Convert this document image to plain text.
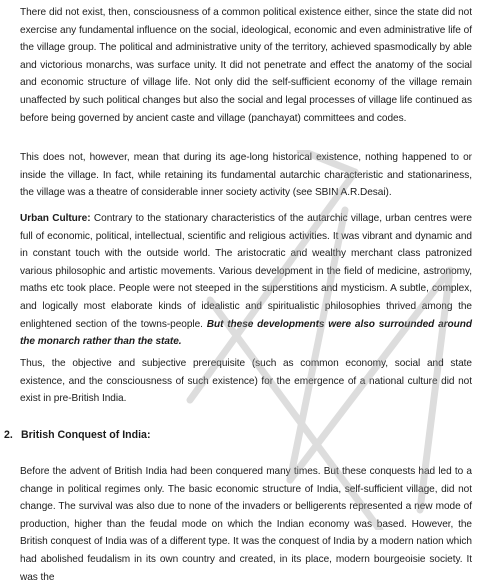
There did not exist, then, consciousness of a common political existence either, since the state did not exercise any fundamental influence on the social, ideological, economic and even administrative life of the village group. The political and administrative unity of the territory, achieved spasmodically by able and victorious monarchs, was surface unity. It did not penetrate and effect the anatomy of the social and economic structure of village life. Not only did the self-sufficient economy of the village remain unaffected by such political changes but also the social and legal processes of village life continued as before being governed by ancient caste and village (panchayat) committees and codes.

This does not, however, mean that during its age-long historical existence, nothing happened to or inside the village. In fact, while retaining its fundamental autarchic characteristic and stationariness, the village was a theatre of considerable inner society activity (see SBIN A.R.Desai).

Urban Culture: Contrary to the stationary characteristics of the autarchic village, urban centres were full of economic, political, intellectual, scientific and religious activities. It was vibrant and dynamic and in constant touch with the outside world. The aristocratic and wealthy merchant class patronized various philosophic and artistic movements. Various development in the field of medicine, astronomy, maths etc took place. People were not steeped in the superstitions and mysticism. A subtle, complex, and logically most elaborate kinds of idealistic and spiritualistic philosophies thrived among the enlightened section of the towns-people. But these developments were also surrounded around the monarch rather than the state.

Thus, the objective and subjective prerequisite (such as common economy, social and state existence, and the consciousness of such existence) for the emergence of a national culture did not exist in pre-British India.

2. British Conquest of India:

Before the advent of British India had been conquered many times. But these conquests had led to a change in political regimes only. The basic economic structure of India, self-sufficient village, did not change. The survival was also due to none of the invaders or belligerents represented a new mode of production, higher than the feudal mode on which the Indian economy was based. However, the British conquest of India was of a different type. It was the conquest of India by a modern nation which had abolished feudalism in its own country and created, in its place, modern bourgeoisie society. It was the
